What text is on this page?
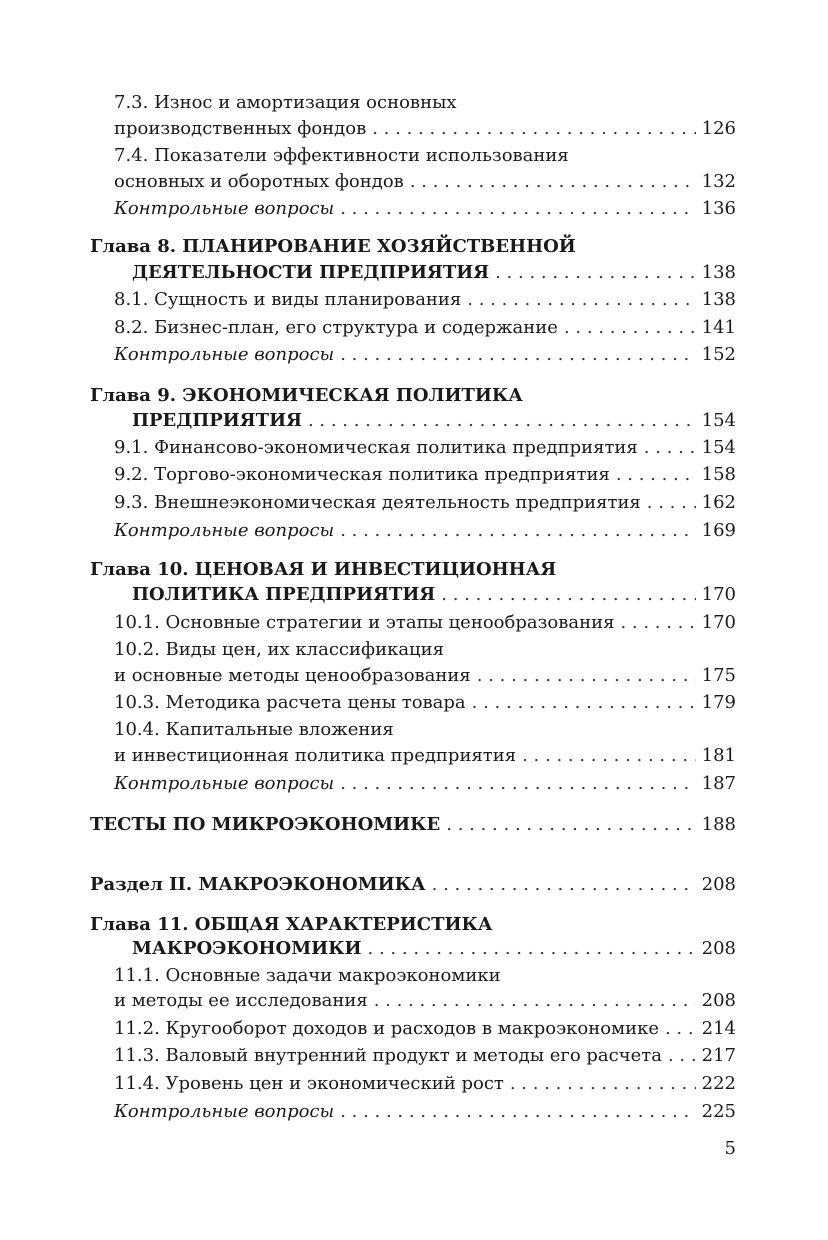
7.3. Износ и амортизация основных
производственных фондов . . .	126
7.4. Показатели эффективности использования
основных и оборотных фондов . . .	132
Контрольные вопросы . . .	136
Глава 8. ПЛАНИРОВАНИЕ ХОЗЯЙСТВЕННОЙ
ДЕЯТЕЛЬНОСТИ ПРЕДПРИЯТИЯ . . .	138
8.1. Сущность и виды планирования . . .	138
8.2. Бизнес-план, его структура и содержание . . .	141
Контрольные вопросы . . .	152
Глава 9. ЭКОНОМИЧЕСКАЯ ПОЛИТИКА
ПРЕДПРИЯТИЯ . . .	154
9.1. Финансово-экономическая политика предприятия . . .	154
9.2. Торгово-экономическая политика предприятия . . .	158
9.3. Внешнеэкономическая деятельность предприятия . . .	162
Контрольные вопросы . . .	169
Глава 10. ЦЕНОВАЯ И ИНВЕСТИЦИОННАЯ
ПОЛИТИКА ПРЕДПРИЯТИЯ . . .	170
10.1. Основные стратегии и этапы ценообразования . . .	170
10.2. Виды цен, их классификация
и основные методы ценообразования . . .	175
10.3. Методика расчета цены товара . . .	179
10.4. Капитальные вложения
и инвестиционная политика предприятия . . .	181
Контрольные вопросы . . .	187
ТЕСТЫ ПО МИКРОЭКОНОМИКЕ . . .	188
Раздел II. МАКРОЭКОНОМИКА . . .	208
Глава 11. ОБЩАЯ ХАРАКТЕРИСТИКА
МАКРОЭКОНОМИКИ . . .	208
11.1. Основные задачи макроэкономики
и методы ее исследования . . .	208
11.2. Кругооборот доходов и расходов в макроэкономике . . . 214
11.3. Валовый внутренний продукт и методы его расчета . . . 217
11.4. Уровень цен и экономический рост . . .	222
Контрольные вопросы . . .	225
5
